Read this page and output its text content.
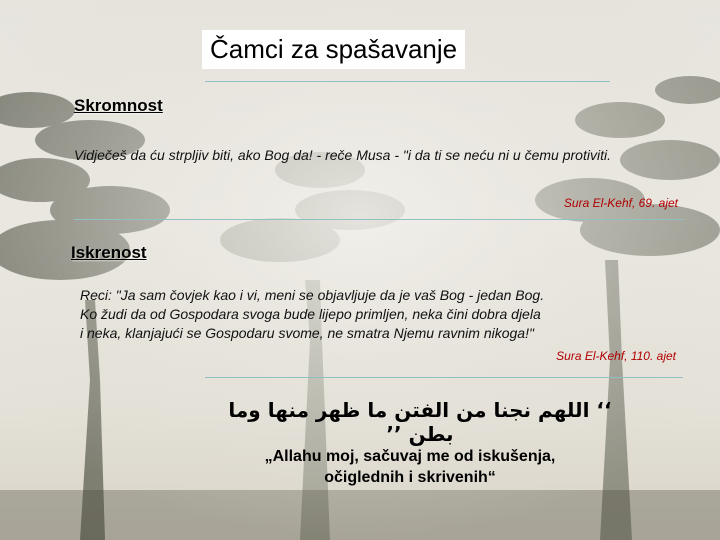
Čamci za spašavanje
Skromnost
Vidječeš da ću strpljiv biti, ako Bog da! - reče Musa - "i da ti se neću ni u čemu protiviti.
Sura El-Kehf, 69. ajet
Iskrenost
Reci: "Ja sam čovjek kao i vi, meni se objavljuje da je vaš Bog - jedan Bog.
Ko žudi da od Gospodara svoga bude lijepo primljen, neka čini dobra djela
i neka, klanjajući se Gospodaru svome, ne smatra Njemu ravnim nikoga!"
Sura El-Kehf, 110. ajet
‘‘ اللهم نجنا من الفتن ما ظهر منها وما بطن ’’
„Allahu moj, sačuvaj me od iskušenja,
očiglednih i skrivenih“
